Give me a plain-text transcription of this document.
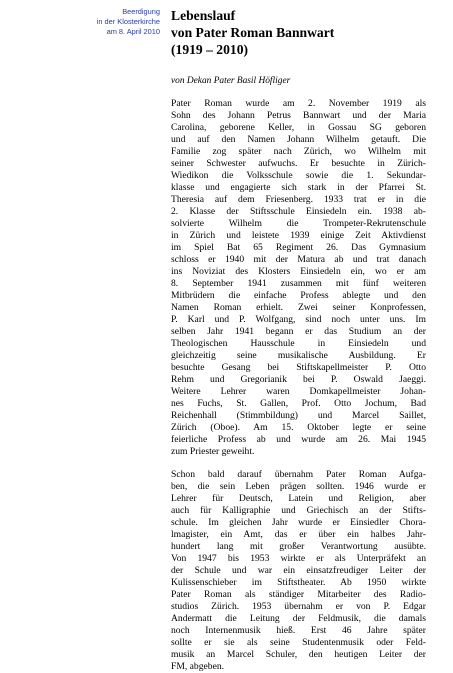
Beerdigung
in der Klosterkirche
am 8. April 2010
Lebenslauf
von Pater Roman Bannwart
(1919 – 2010)
von Dekan Pater Basil Höfliger
Pater Roman wurde am 2. November 1919 als
Sohn des Johann Petrus Bannwart und der Maria
Carolina, geborene Keller, in Gossau SG geboren
und auf den Namen Johann Wilhelm getauft. Die
Familie zog später nach Zürich, wo Wilhelm mit
seiner Schwester aufwuchs. Er besuchte in Zürich-
Wiedikon die Volksschule sowie die 1. Sekundar-
klasse und engagierte sich stark in der Pfarrei St.
Theresia auf dem Friesenberg. 1933 trat er in die
2. Klasse der Stiftsschule Einsiedeln ein. 1938 ab-
solvierte Wilhelm die Trompeter-Rekrutenschule
in Zürich und leistete 1939 einige Zeit Aktivdienst
im Spiel Bat 65 Regiment 26. Das Gymnasium
schloss er 1940 mit der Matura ab und trat danach
ins Noviziat des Klosters Einsiedeln ein, wo er am
8. September 1941 zusammen mit fünf weiteren
Mitbrüdern die einfache Profess ablegte und den
Namen Roman erhielt. Zwei seiner Konprofessen,
P. Karl und P. Wolfgang, sind noch unter uns. Im
selben Jahr 1941 begann er das Studium an der
Theologischen Hausschule in Einsiedeln und
gleichzeitig seine musikalische Ausbildung. Er
besuchte Gesang bei Stiftskapellmeister P. Otto
Rehm und Gregorianik bei P. Oswald Jaeggi.
Weitere Lehrer waren Domkapellmeister Johan-
nes Fuchs, St. Gallen, Prof. Otto Jochum, Bad
Reichenhall (Stimmbildung) und Marcel Saillet,
Zürich (Oboe). Am 15. Oktober legte er seine
feierliche Profess ab und wurde am 26. Mai 1945
zum Priester geweiht.
Schon bald darauf übernahm Pater Roman Aufga-
ben, die sein Leben prägen sollten. 1946 wurde er
Lehrer für Deutsch, Latein und Religion, aber
auch für Kalligraphie und Griechisch an der Stifts-
schule. Im gleichen Jahr wurde er Einsiedler Chora-
lmagister, ein Amt, das er über ein halbes Jahr-
hundert lang mit großer Verantwortung ausübte.
Von 1947 bis 1953 wirkte er als Unterpräfekt an
der Schule und war ein einsatzfreudiger Leiter der
Kulissenschieber im Stiftstheater. Ab 1950 wirkte
Pater Roman als ständiger Mitarbeiter des Radio-
studios Zürich. 1953 übernahm er von P. Edgar
Andermatt die Leitung der Feldmusik, die damals
noch Internenmusik hieß. Erst 46 Jahre später
sollte er sie als seine Studentenmusik oder Feld-
musik an Marcel Schuler, den heutigen Leiter der
FM, abgeben.
